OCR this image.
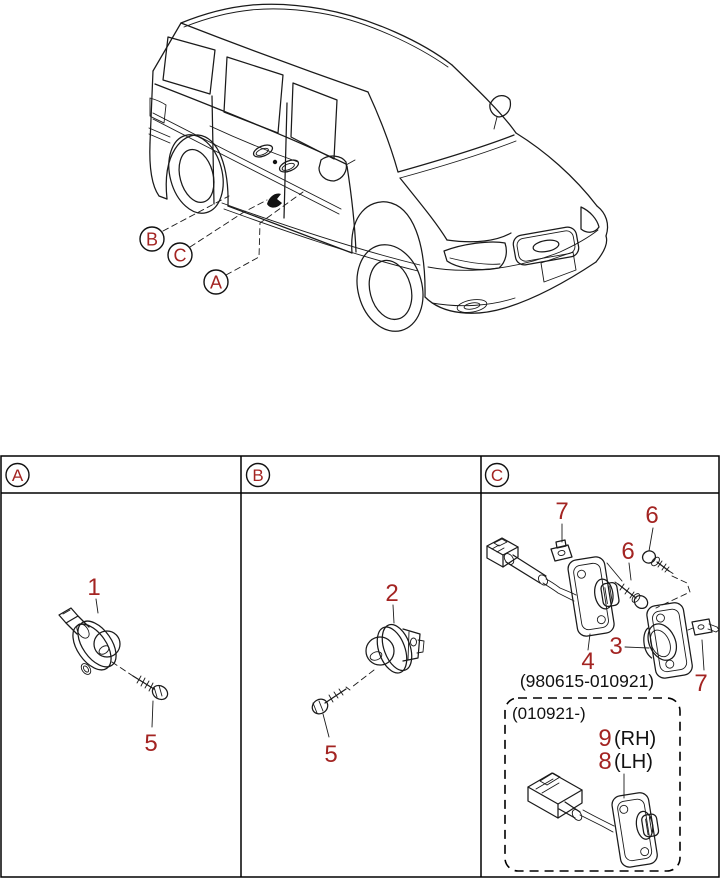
B
C
A
A	B	C
1
5
2
5
7	6
6
4
3
7
(980615-010921)
(010921-)
9 (RH)
8 (LH)
